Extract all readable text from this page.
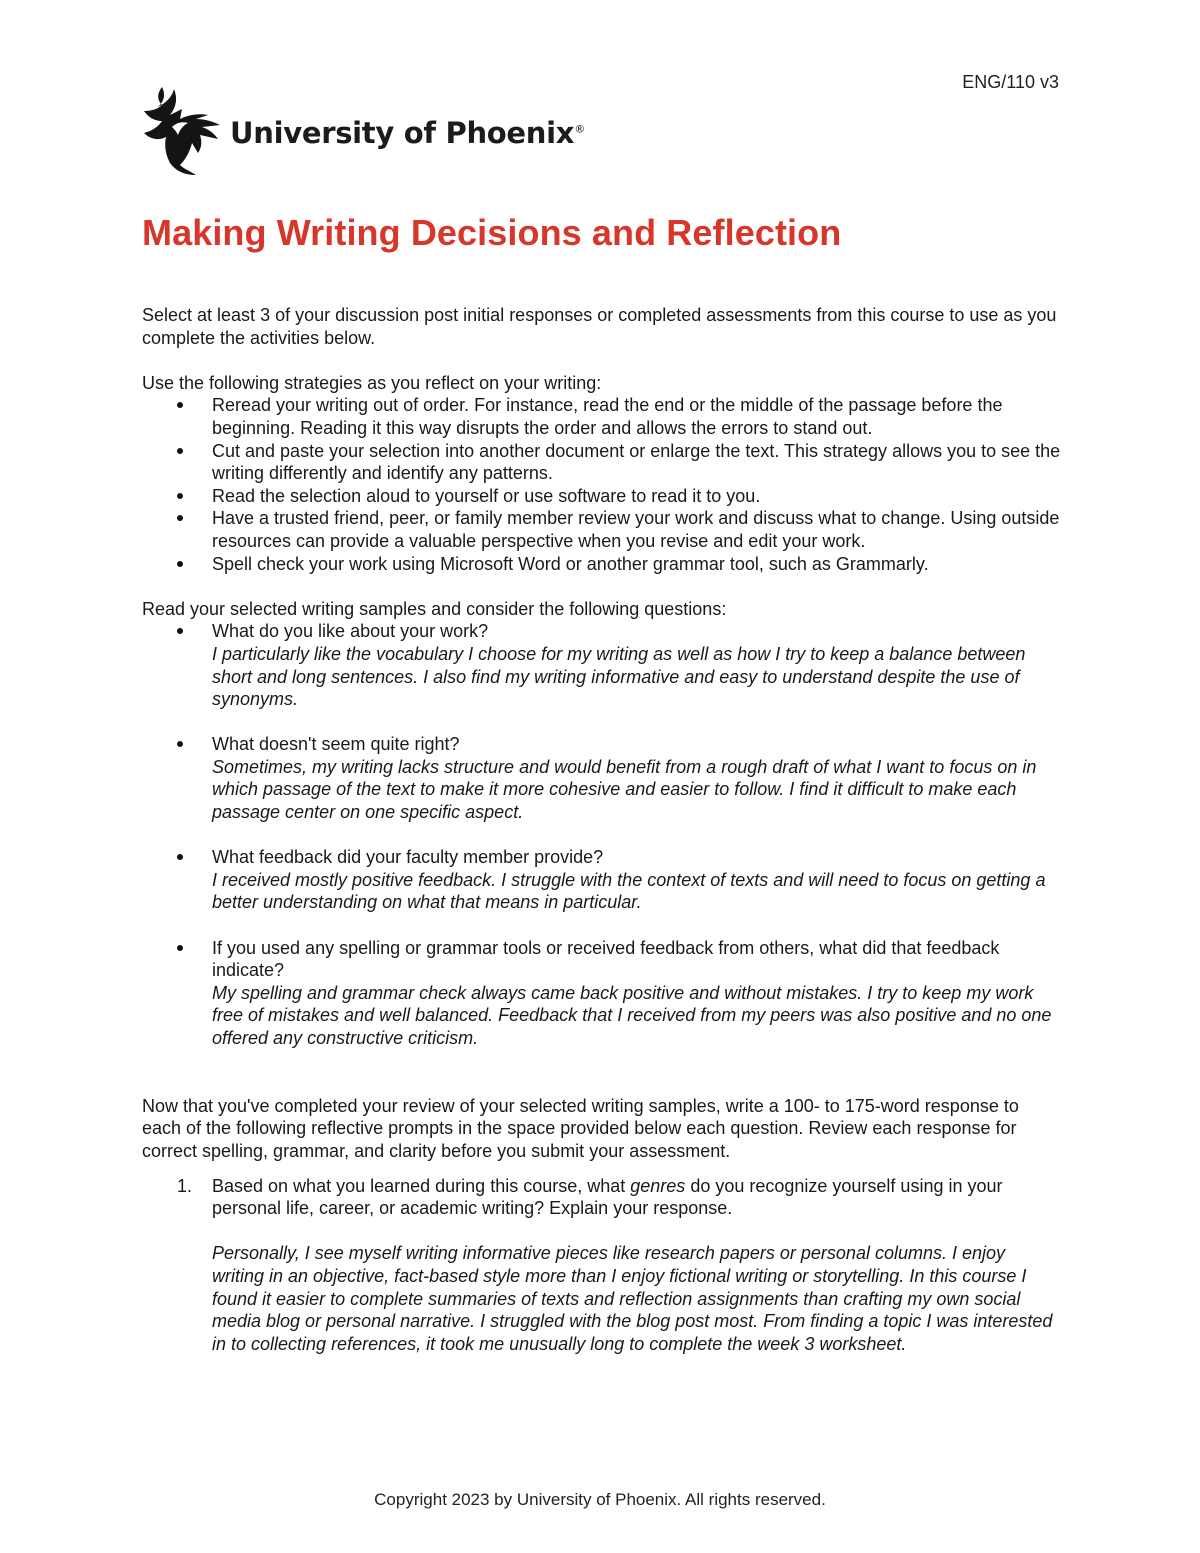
ENG/110 v3
University of Phoenix®
Making Writing Decisions and Reflection

Select at least 3 of your discussion post initial responses or completed assessments from this course to use as you complete the activities below.

Use the following strategies as you reflect on your writing:

Reread your writing out of order. For instance, read the end or the middle of the passage before the beginning. Reading it this way disrupts the order and allows the errors to stand out.
Cut and paste your selection into another document or enlarge the text. This strategy allows you to see the writing differently and identify any patterns.
Read the selection aloud to yourself or use software to read it to you.
Have a trusted friend, peer, or family member review your work and discuss what to change. Using outside resources can provide a valuable perspective when you revise and edit your work.
Spell check your work using Microsoft Word or another grammar tool, such as Grammarly.

Read your selected writing samples and consider the following questions:

What do you like about your work?
I particularly like the vocabulary I choose for my writing as well as how I try to keep a balance between short and long sentences. I also find my writing informative and easy to understand despite the use of synonyms.
What doesn't seem quite right?
Sometimes, my writing lacks structure and would benefit from a rough draft of what I want to focus on in which passage of the text to make it more cohesive and easier to follow. I find it difficult to make each passage center on one specific aspect.
What feedback did your faculty member provide?
I received mostly positive feedback. I struggle with the context of texts and will need to focus on getting a better understanding on what that means in particular.
If you used any spelling or grammar tools or received feedback from others, what did that feedback indicate?
My spelling and grammar check always came back positive and without mistakes. I try to keep my work free of mistakes and well balanced. Feedback that I received from my peers was also positive and no one offered any constructive criticism.

Now that you've completed your review of your selected writing samples, write a 100- to 175-word response to each of the following reflective prompts in the space provided below each question. Review each response for correct spelling, grammar, and clarity before you submit your assessment.

1. Based on what you learned during this course, what genres do you recognize yourself using in your personal life, career, or academic writing? Explain your response.
Personally, I see myself writing informative pieces like research papers or personal columns. I enjoy writing in an objective, fact-based style more than I enjoy fictional writing or storytelling. In this course I found it easier to complete summaries of texts and reflection assignments than crafting my own social media blog or personal narrative. I struggled with the blog post most. From finding a topic I was interested in to collecting references, it took me unusually long to complete the week 3 worksheet.
Copyright 2023 by University of Phoenix. All rights reserved.
